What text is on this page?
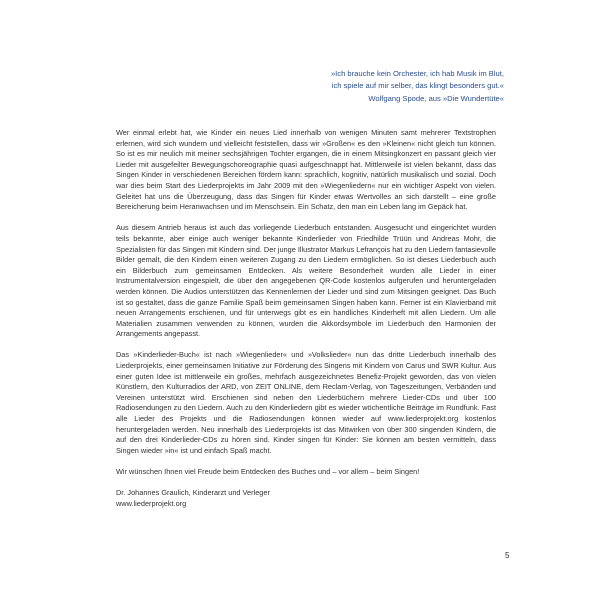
»Ich brauche kein Orchester, ich hab Musik im Blut,
ich spiele auf mir selber, das klingt besonders gut.«
Wolfgang Spode, aus »Die Wundertüte«

Wer einmal erlebt hat, wie Kinder ein neues Lied innerhalb von wenigen Minuten samt mehrerer Textstrophen erlernen, wird sich wundern und vielleicht feststellen, dass wir »Großen« es den »Kleinen« nicht gleich tun können. So ist es mir neulich mit meiner sechsjährigen Tochter ergangen, die in einem Mitsingkonzert en passant gleich vier Lieder mit ausgefeilter Bewegungschoreographie quasi aufgeschnappt hat. Mittlerweile ist vielen bekannt, dass das Singen Kinder in verschiedenen Bereichen fördern kann: sprachlich, kognitiv, natürlich musikalisch und sozial. Doch war dies beim Start des Liederprojekts im Jahr 2009 mit den »Wiegenliedern« nur ein wichtiger Aspekt von vielen. Geleitet hat uns die Überzeugung, dass das Singen für Kinder etwas Wertvolles an sich darstellt – eine große Bereicherung beim Heranwachsen und im Menschsein. Ein Schatz, den man ein Leben lang im Gepäck hat.

Aus diesem Antrieb heraus ist auch das vorliegende Liederbuch entstanden. Ausgesucht und eingerichtet wurden teils bekannte, aber einige auch weniger bekannte Kinderlieder von Friedhilde Trüün und Andreas Mohr, die Spezialisten für das Singen mit Kindern sind. Der junge Illustrator Markus Lefrançois hat zu den Liedern fantasievolle Bilder gemalt, die den Kindern einen weiteren Zugang zu den Liedern ermöglichen. So ist dieses Liederbuch auch ein Bilderbuch zum gemeinsamen Entdecken. Als weitere Besonderheit wurden alle Lieder in einer Instrumentalversion eingespielt, die über den angegebenen QR-Code kostenlos aufgerufen und heruntergeladen werden können. Die Audios unterstützen das Kennenlernen der Lieder und sind zum Mitsingen geeignet. Das Buch ist so gestaltet, dass die ganze Familie Spaß beim gemeinsamen Singen haben kann. Ferner ist ein Klavierband mit neuen Arrangements erschienen, und für unterwegs gibt es ein handliches Kinderheft mit allen Liedern. Um alle Materialien zusammen verwenden zu können, wurden die Akkordsymbole im Liederbuch den Harmonien der Arrangements angepasst.

Das »Kinderlieder-Buch« ist nach »Wiegenlieder« und »Volkslieder« nun das dritte Liederbuch innerhalb des Liederprojekts, einer gemeinsamen Initiative zur Förderung des Singens mit Kindern von Carus und SWR Kultur. Aus einer guten Idee ist mittlerweile ein großes, mehrfach ausgezeichnetes Benefiz-Projekt geworden, das von vielen Künstlern, den Kulturradios der ARD, von ZEIT ONLINE, dem Reclam-Verlag, von Tageszeitungen, Verbänden und Vereinen unterstützt wird. Erschienen sind neben den Liederbüchern mehrere Lieder-CDs und über 100 Radiosendungen zu den Liedern. Auch zu den Kinderliedern gibt es wieder wöchentliche Beiträge im Rundfunk. Fast alle Lieder des Projekts und die Radiosendungen können wieder auf www.liederprojekt.org kostenlos heruntergeladen werden. Neu innerhalb des Liederprojekts ist das Mitwirken von über 300 singenden Kindern, die auf den drei Kinderlieder-CDs zu hören sind. Kinder singen für Kinder: Sie können am besten vermitteln, dass Singen wieder »in« ist und einfach Spaß macht.

Wir wünschen Ihnen viel Freude beim Entdecken des Buches und – vor allem – beim Singen!

Dr. Johannes Graulich, Kinderarzt und Verleger
www.liederprojekt.org

5
